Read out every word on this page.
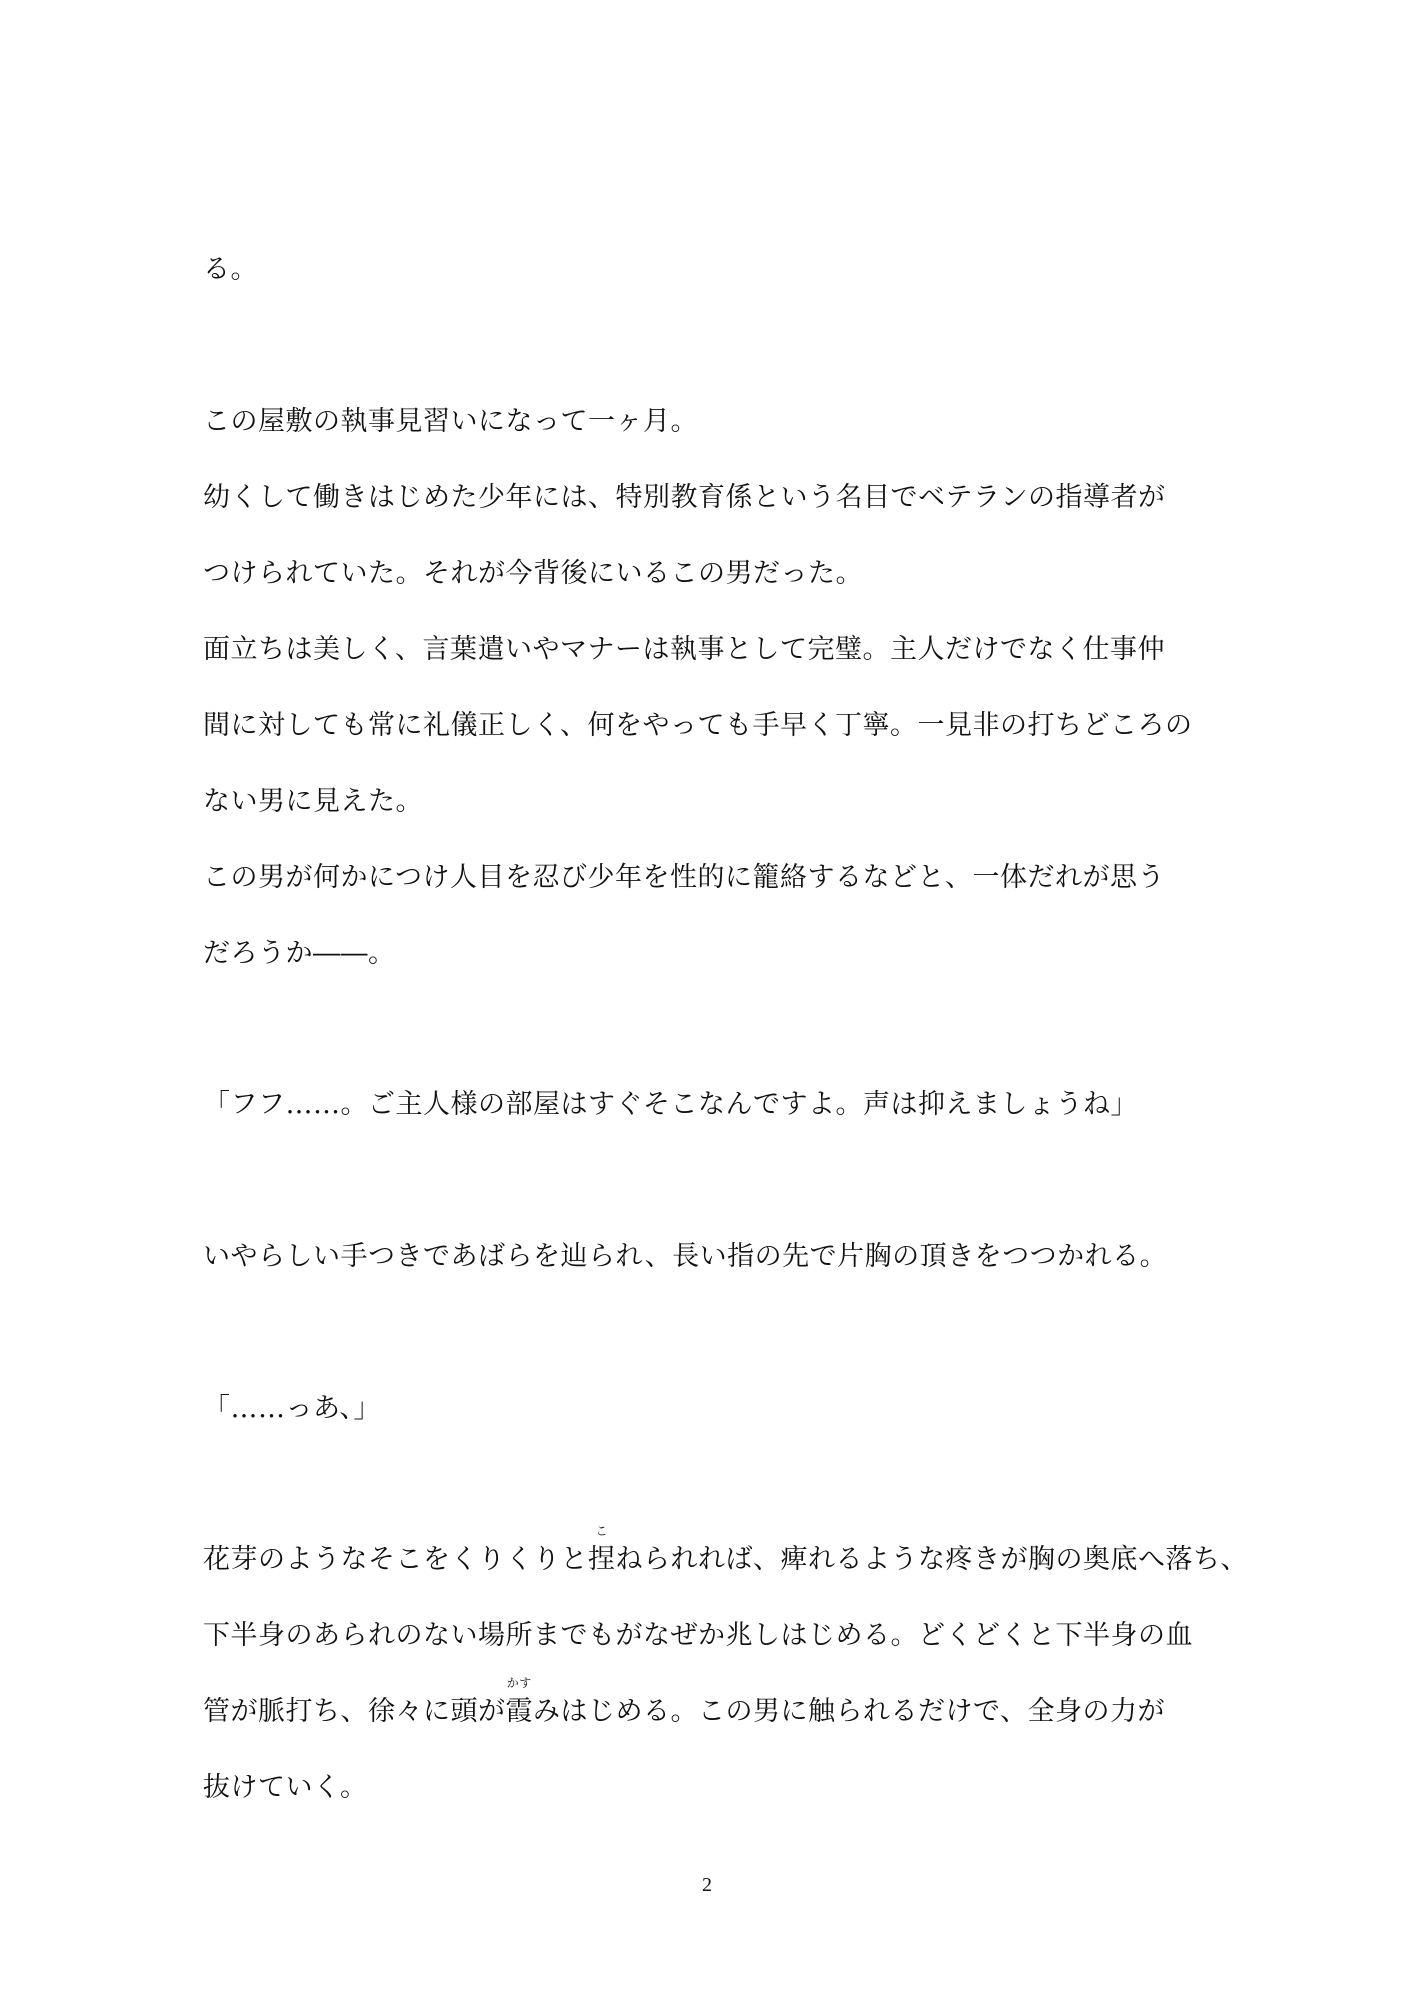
る。
この屋敷の執事見習いになって一ヶ月。
幼くして働きはじめた少年には、特別教育係という名目でベテランの指導者が
つけられていた。それが今背後にいるこの男だった。
面立ちは美しく、言葉遣いやマナーは執事として完璧。主人だけでなく仕事仲
間に対しても常に礼儀正しく、何をやっても手早く丁寧。一見非の打ちどころの
ない男に見えた。
この男が何かにつけ人目を忍び少年を性的に籠絡するなどと、一体だれが思う
だろうか――。
「フフ……。ご主人様の部屋はすぐそこなんですよ。声は抑えましょうね」
いやらしい手つきであばらを辿られ、長い指の先で片胸の頂きをつつかれる。
「……っあ、」
花芽のようなそこをくりくりと
こ
捏ねられれば、痺れるような疼きが胸の奥底へ落ち、
下半身のあられのない場所までもがなぜか兆しはじめる。どくどくと下半身の血
管が脈打ち、徐々に頭が
かす
霞みはじめる。この男に触られるだけで、全身の力が
抜けていく。
2
